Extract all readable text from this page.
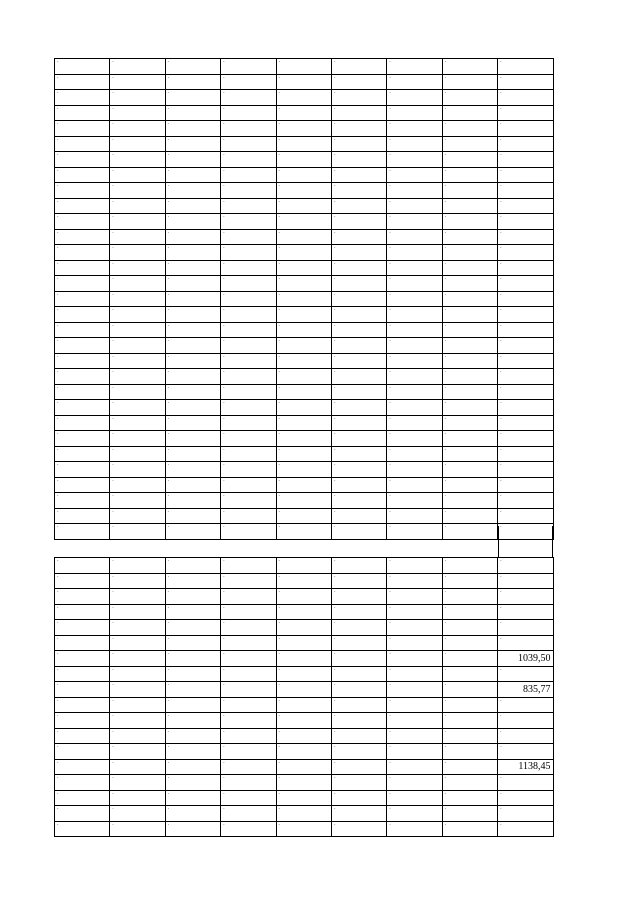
-	-	-	-	-	-	-	-	-
-	-	-	-	-	-	-	-	-
-	-	-	-	-	-	-	-	-
-	-	-	-	-	-	-	-	-
-	-	-	-	-	-	-	-	-
-	-	-	-	-	-	-	-	-
-	-	-	-	-	-	-	-	-
-	-	-	-	-	-	-	-	-
-	-	-	-	-	-	-	-	-
-	-	-	-	-	-	-	-	-
-	-	-	-	-	-	-	-	-
-	-	-	-	-	-	-	-	-
-	-	-	-	-	-	-	-	-
-	-	-	-	-	-	-	-	-
-	-	-	-	-	-	-	-	-
-	-	-	-	-	-	-	-	-
-	-	-	-	-	-	-	-	-
-	-	-	-	-	-	-	-	-
-	-	-	-	-	-	-	-	-
-	-	-	-	-	-	-	-	-
-	-	-	-	-	-	-	-	-
-	-	-	-	-	-	-	-	-
-	-	-	-	-	-	-	-	-
-	-	-	-	-	-	-	-	-
-	-	-	-	-	-	-	-	-
-	-	-	-	-	-	-	-	-
-	-	-	-	-	-	-	-	-
-	-	-	-	-	-	-	-	-
-	-	-	-	-	-	-	-	-
-	-	-	-	-	-	-	-	-
-	-	-	-	-	-	-	-	-
-	-	-	-	-	-	-	-	-
-	-	-	-	-	-	-	-	-
-	-	-	-	-	-	-	-	-
-	-	-	-	-	-	-	-	-
-	-	-	-	-	-	-	-	-
-	-	-	-	-	-	-	-	-
-	-	-	-	-	-	-	-	1039,50
-	-	-	-	-	-	-	-	-
-	-	-	-	-	-	-	-	835,77
-	-	-	-	-	-	-	-	-
-	-	-	-	-	-	-	-	-
-	-	-	-	-	-	-	-	-
-	-	-	-	-	-	-	-	-
-	-	-	-	-	-	-	-	1138,45
-	-	-	-	-	-	-	-	-
-	-	-	-	-	-	-	-	-
-	-	-	-	-	-	-	-	-
-	-	-	-	-	-	-	-	-
